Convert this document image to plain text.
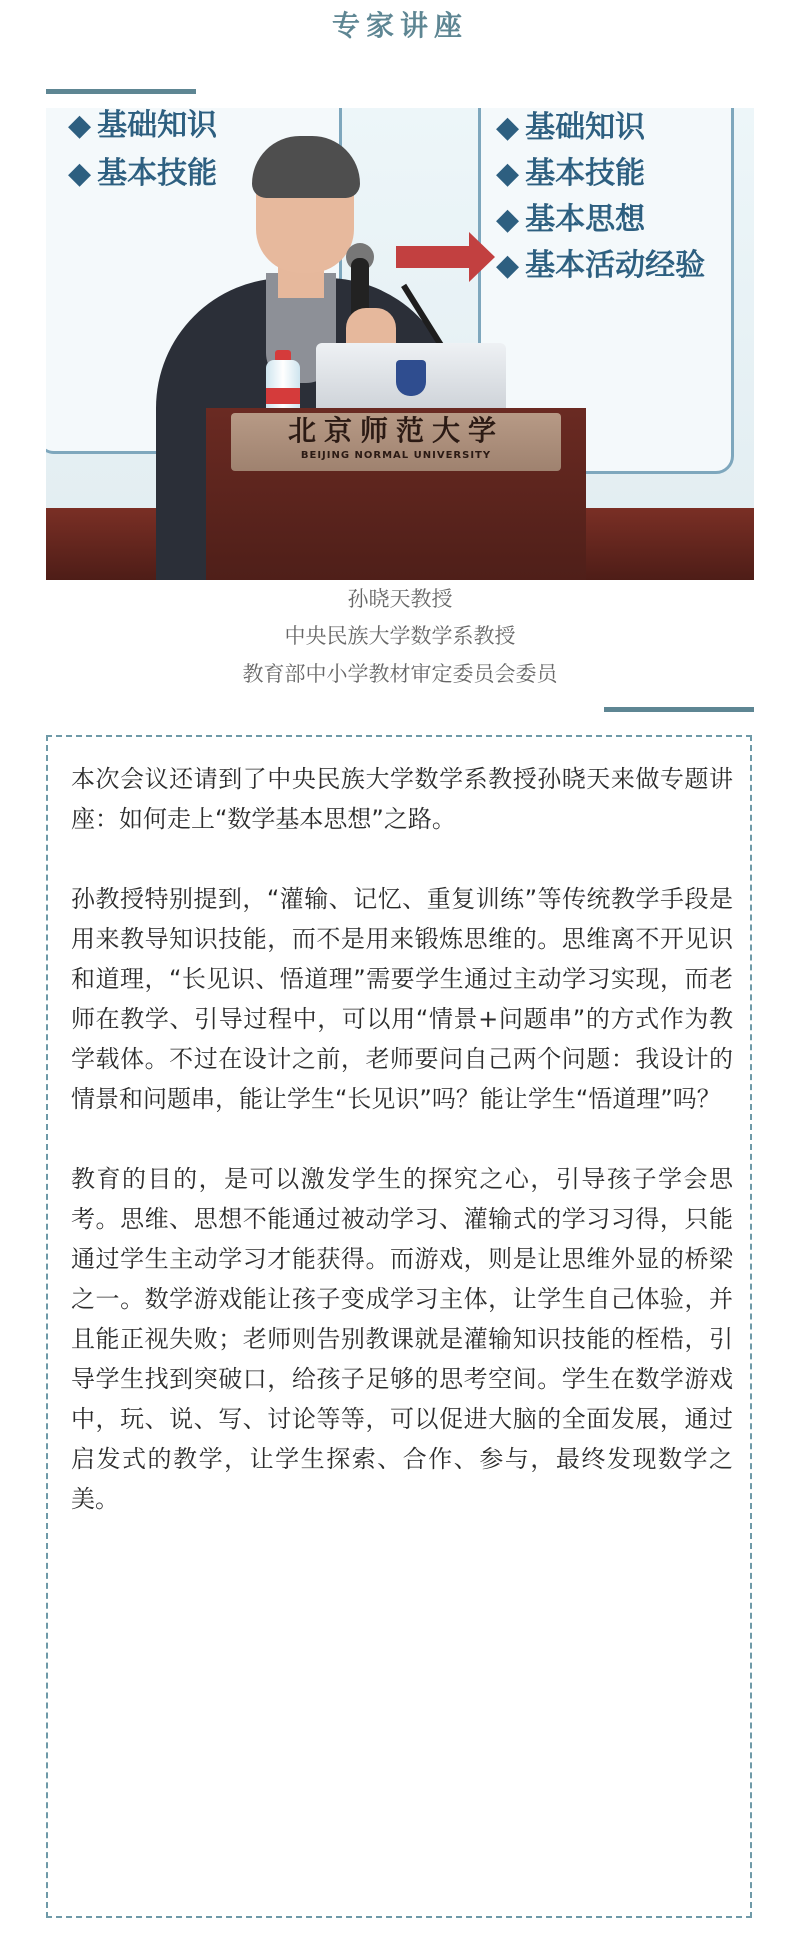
专家讲座
◆ 基础知识
◆ 基本技能
◆ 基础知识
◆ 基本技能
◆ 基本思想
◆ 基本活动经验
北京师范大学
BEIJING NORMAL UNIVERSITY
孙晓天教授
中央民族大学数学系教授
教育部中小学教材审定委员会委员

本次会议还请到了中央民族大学数学系教授孙晓天来做专题讲座：如何走上“数学基本思想”之路。

孙教授特别提到，“灌输、记忆、重复训练”等传统教学手段是用来教导知识技能，而不是用来锻炼思维的。思维离不开见识和道理，“长见识、悟道理”需要学生通过主动学习实现，而老师在教学、引导过程中，可以用“情景+问题串”的方式作为教学载体。不过在设计之前，老师要问自己两个问题：我设计的情景和问题串，能让学生“长见识”吗？能让学生“悟道理”吗？

教育的目的，是可以激发学生的探究之心，引导孩子学会思考。思维、思想不能通过被动学习、灌输式的学习习得，只能通过学生主动学习才能获得。而游戏，则是让思维外显的桥梁之一。数学游戏能让孩子变成学习主体，让学生自己体验，并且能正视失败；老师则告别教课就是灌输知识技能的桎梏，引导学生找到突破口，给孩子足够的思考空间。学生在数学游戏中，玩、说、写、讨论等等，可以促进大脑的全面发展，通过启发式的教学，让学生探索、合作、参与，最终发现数学之美。
